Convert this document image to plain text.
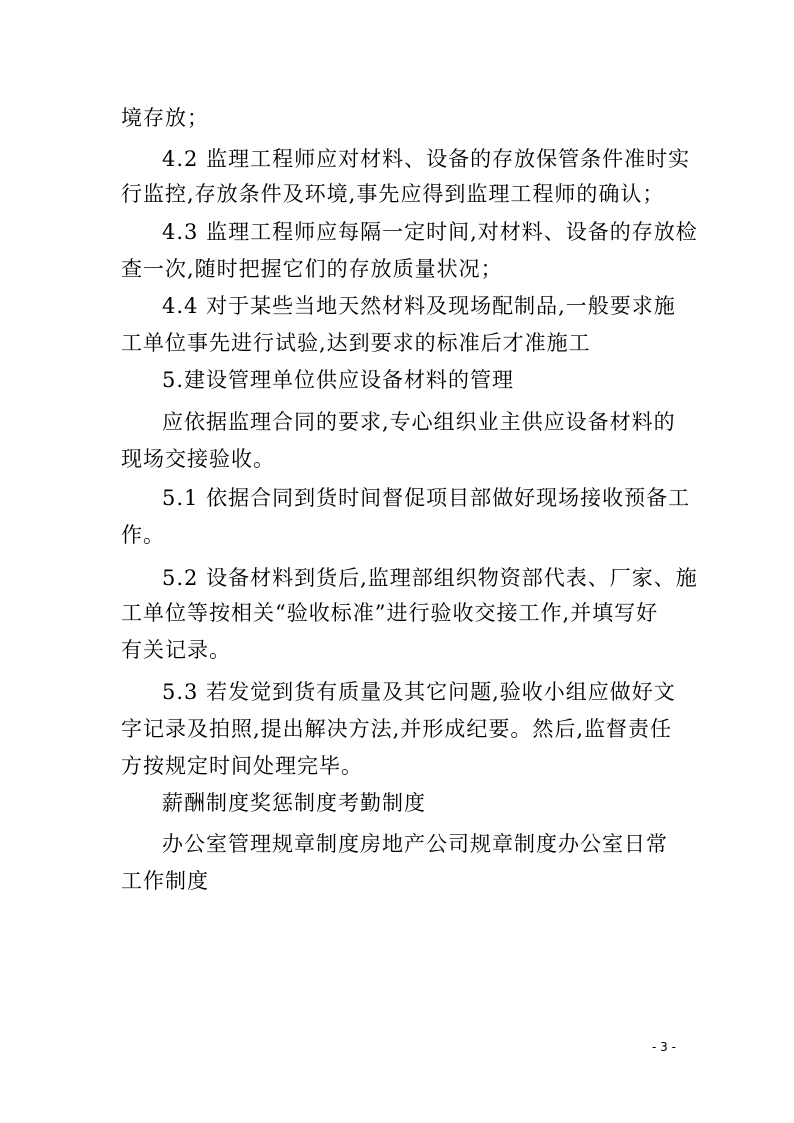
境存放；
4.2 监理工程师应对材料、设备的存放保管条件准时实
行监控,存放条件及环境,事先应得到监理工程师的确认；
4.3 监理工程师应每隔一定时间,对材料、设备的存放检
查一次,随时把握它们的存放质量状况；
4.4 对于某些当地天然材料及现场配制品,一般要求施
工单位事先进行试验,达到要求的标准后才准施工
5.建设管理单位供应设备材料的管理
应依据监理合同的要求,专心组织业主供应设备材料的
现场交接验收。
5.1 依据合同到货时间督促项目部做好现场接收预备工
作。
5.2 设备材料到货后,监理部组织物资部代表、厂家、施
工单位等按相关“验收标准”进行验收交接工作,并填写好
有关记录。
5.3 若发觉到货有质量及其它问题,验收小组应做好文
字记录及拍照,提出解决方法,并形成纪要。然后,监督责任
方按规定时间处理完毕。
薪酬制度奖惩制度考勤制度
办公室管理规章制度房地产公司规章制度办公室日常
工作制度
- 3 -
